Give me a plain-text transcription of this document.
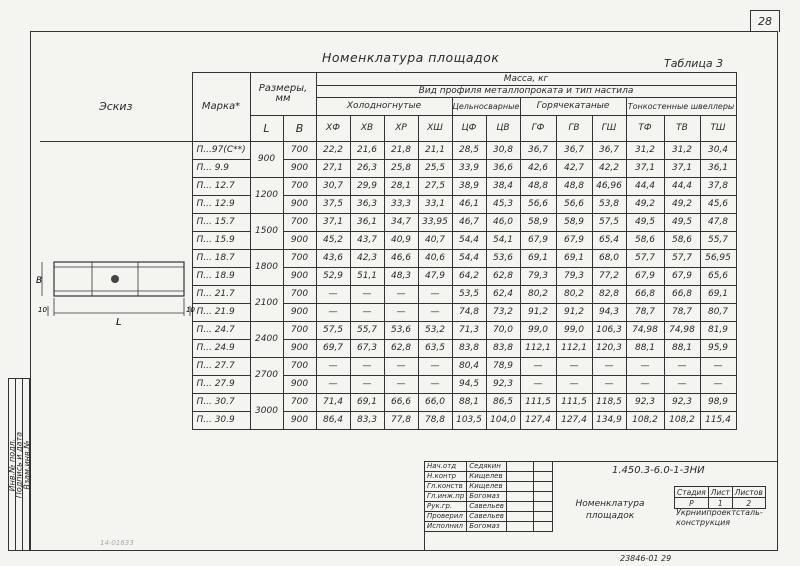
28
Инв.№ подл.
Подпись и дата
Взам.инв.№
Номенклатура площадок	Таблица 3
Эскиз	Марка*	Размеры, мм		Масса, кг											
				Вид профиля металлопроката и тип настила											
				Холодногнутые				Цельносварные		Горячекатаные			Тонкостенные швеллеры		
		L	B	ХФ	ХВ	ХР	ХШ	ЦФ	ЦВ	ГФ	ГВ	ГШ	ТФ	ТВ	ТШ
	П...97(С**)	900	700	22,2	21,6	21,8	21,1	28,5	30,8	36,7	36,7	36,7	31,2	31,2	30,4
	П... 9.9		900	27,1	26,3	25,8	25,5	33,9	36,6	42,6	42,7	42,2	37,1	37,1	36,1
	П... 12.7	1200	700	30,7	29,9	28,1	27,5	38,9	38,4	48,8	48,8	46,96	44,4	44,4	37,8
	П... 12.9		900	37,5	36,3	33,3	33,1	46,1	45,3	56,6	56,6	53,8	49,2	49,2	45,6
	П... 15.7	1500	700	37,1	36,1	34,7	33,95	46,7	46,0	58,9	58,9	57,5	49,5	49,5	47,8
	П... 15.9		900	45,2	43,7	40,9	40,7	54,4	54,1	67,9	67,9	65,4	58,6	58,6	55,7
	П... 18.7	1800	700	43,6	42,3	46,6	40,6	54,4	53,6	69,1	69,1	68,0	57,7	57,7	56,95
	П... 18.9		900	52,9	51,1	48,3	47,9	64,2	62,8	79,3	79,3	77,2	67,9	67,9	65,6
	П... 21.7	2100	700	—	—	—	—	53,5	62,4	80,2	80,2	82,8	66,8	66,8	69,1
	П... 21.9		900	—	—	—	—	74,8	73,2	91,2	91,2	94,3	78,7	78,7	80,7
	П... 24.7	2400	700	57,5	55,7	53,6	53,2	71,3	70,0	99,0	99,0	106,3	74,98	74,98	81,9
	П... 24.9		900	69,7	67,3	62,8	63,5	83,8	83,8	112,1	112,1	120,3	88,1	88,1	95,9
	П... 27.7	2700	700	—	—	—	—	80,4	78,9	—	—	—	—	—	—
	П... 27.9		900	—	—	—	—	94,5	92,3	—	—	—	—	—	—
	П... 30.7	3000	700	71,4	69,1	66,6	66,0	88,1	86,5	111,5	111,5	118,5	92,3	92,3	98,9
	П... 30.9		900	86,4	83,3	77,8	78,8	103,5	104,0	127,4	127,4	134,9	108,2	108,2	115,4
B
L
10	10
Нач.отд	Седякин		
Н.контр	Кищелев		
Гл.конств	Кищелев		
Гл.инж.пр	Богомаз		
Рук.гр.	Савельев		
Проверил	Савельев		
Исполнил	Богомаз		
1.450.3-6.0-1-3НИ
Номенклатура площадок
Стадия	Лист	Листов
Р	1	2
Укрниипроектсталь-конструкция
23846-01 29
14-01633
